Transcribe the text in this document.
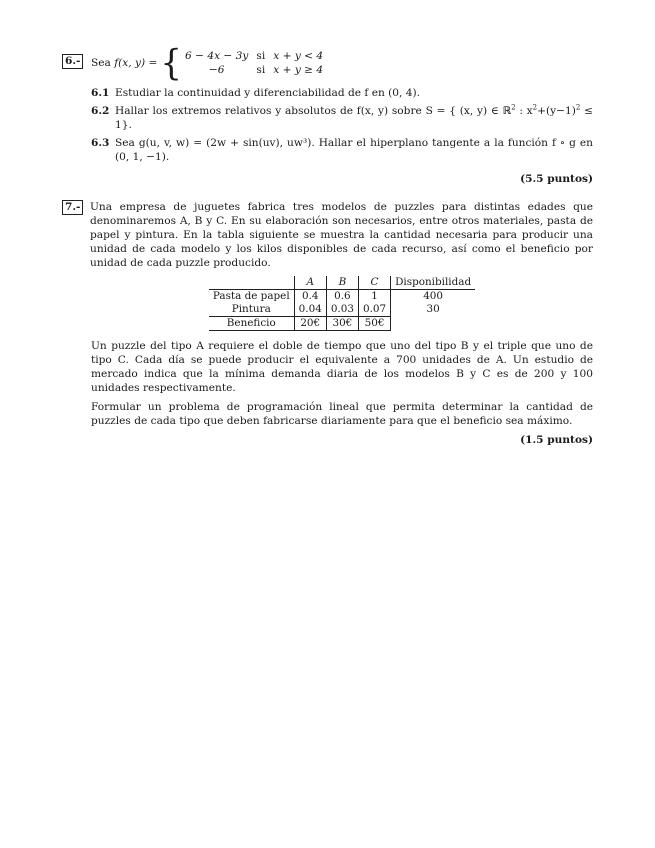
6.- Sea
f(x, y) = { 6 − 4x − 3y si x + y < 4
−6	si x + y ≥ 4
6.1 Estudiar la continuidad y diferenciabilidad de f en (0, 4).
6.2 Hallar los extremos relativos y absolutos de f(x, y) sobre S = { (x, y) ∈ ℝ$^2$ : $x^2+(y-1)^2 \le 1$}.
6.3 Sea g(u, v, w) = (2w + sin(uv), uw³). Hallar el hiperplano tangente a la función f ∘ g en (0, 1, −1).
(5.5 puntos)
7.- Una empresa de juguetes fabrica tres modelos de puzzles para distintas edades que denominaremos A, B y C. En su elaboración son necesarios, entre otros materiales, pasta de papel y pintura. En la tabla siguiente se muestra la cantidad necesaria para producir una unidad de cada modelo y los kilos disponibles de cada recurso, así como el beneficio por unidad de cada puzzle producido.

	A	B	C	Disponibilidad
Pasta de papel	0.4	0.6	1	400
Pintura	0.04	0.03	0.07	30
Beneficio	20€	30€	50€	

Un puzzle del tipo A requiere el doble de tiempo que uno del tipo B y el triple que uno de tipo C. Cada día se puede producir el equivalente a 700 unidades de A. Un estudio de mercado indica que la mínima demanda diaria de los modelos B y C es de 200 y 100 unidades respectivamente.

Formular un problema de programación lineal que permita determinar la cantidad de puzzles de cada tipo que deben fabricarse diariamente para que el beneficio sea máximo.

(1.5 puntos)
